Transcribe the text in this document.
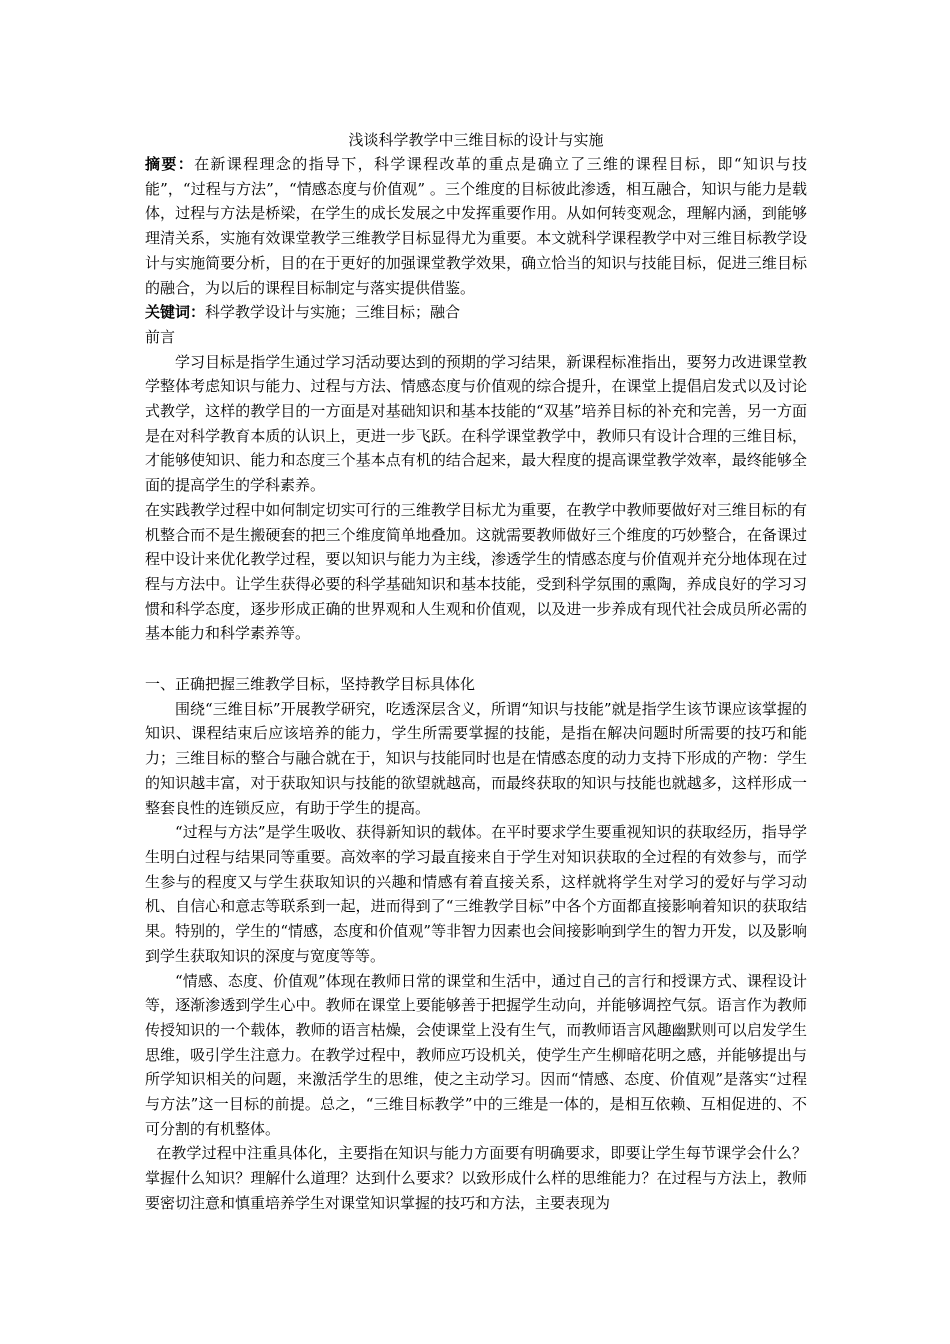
浅谈科学教学中三维目标的设计与实施

摘要：在新课程理念的指导下，科学课程改革的重点是确立了三维的课程目标，即“知识与技能”，“过程与方法”，“情感态度与价值观” 。三个维度的目标彼此渗透，相互融合，知识与能力是载体，过程与方法是桥梁，在学生的成长发展之中发挥重要作用。从如何转变观念，理解内涵，到能够理清关系，实施有效课堂教学三维教学目标显得尤为重要。本文就科学课程教学中对三维目标教学设计与实施简要分析，目的在于更好的加强课堂教学效果，确立恰当的知识与技能目标，促进三维目标的融合，为以后的课程目标制定与落实提供借鉴。

关键词：科学教学设计与实施；三维目标；融合

前言

学习目标是指学生通过学习活动要达到的预期的学习结果，新课程标准指出，要努力改进课堂教学整体考虑知识与能力、过程与方法、情感态度与价值观的综合提升，在课堂上提倡启发式以及讨论式教学，这样的教学目的一方面是对基础知识和基本技能的“双基”培养目标的补充和完善，另一方面是在对科学教育本质的认识上，更进一步飞跃。在科学课堂教学中，教师只有设计合理的三维目标，才能够使知识、能力和态度三个基本点有机的结合起来，最大程度的提高课堂教学效率，最终能够全面的提高学生的学科素养。

在实践教学过程中如何制定切实可行的三维教学目标尤为重要，在教学中教师要做好对三维目标的有机整合而不是生搬硬套的把三个维度简单地叠加。这就需要教师做好三个维度的巧妙整合，在备课过程中设计来优化教学过程，要以知识与能力为主线，渗透学生的情感态度与价值观并充分地体现在过程与方法中。让学生获得必要的科学基础知识和基本技能，受到科学氛围的熏陶，养成良好的学习习惯和科学态度，逐步形成正确的世界观和人生观和价值观，以及进一步养成有现代社会成员所必需的基本能力和科学素养等。

一、正确把握三维教学目标，坚持教学目标具体化

围绕“三维目标”开展教学研究，吃透深层含义，所谓“知识与技能”就是指学生该节课应该掌握的知识、课程结束后应该培养的能力，学生所需要掌握的技能，是指在解决问题时所需要的技巧和能力；三维目标的整合与融合就在于，知识与技能同时也是在情感态度的动力支持下形成的产物：学生的知识越丰富，对于获取知识与技能的欲望就越高，而最终获取的知识与技能也就越多，这样形成一整套良性的连锁反应，有助于学生的提高。

“过程与方法”是学生吸收、获得新知识的载体。在平时要求学生要重视知识的获取经历，指导学生明白过程与结果同等重要。高效率的学习最直接来自于学生对知识获取的全过程的有效参与，而学生参与的程度又与学生获取知识的兴趣和情感有着直接关系，这样就将学生对学习的爱好与学习动机、自信心和意志等联系到一起，进而得到了“三维教学目标”中各个方面都直接影响着知识的获取结果。特别的，学生的“情感，态度和价值观”等非智力因素也会间接影响到学生的智力开发，以及影响到学生获取知识的深度与宽度等等。

“情感、态度、价值观”体现在教师日常的课堂和生活中，通过自己的言行和授课方式、课程设计等，逐渐渗透到学生心中。教师在课堂上要能够善于把握学生动向，并能够调控气氛。语言作为教师传授知识的一个载体，教师的语言枯燥，会使课堂上没有生气，而教师语言风趣幽默则可以启发学生思维，吸引学生注意力。在教学过程中，教师应巧设机关，使学生产生柳暗花明之感，并能够提出与所学知识相关的问题，来激活学生的思维，使之主动学习。因而“情感、态度、价值观”是落实“过程与方法”这一目标的前提。总之，“三维目标教学”中的三维是一体的，是相互依赖、互相促进的、不可分割的有机整体。

在教学过程中注重具体化，主要指在知识与能力方面要有明确要求，即要让学生每节课学会什么？掌握什么知识？理解什么道理？达到什么要求？以致形成什么样的思维能力？在过程与方法上，教师要密切注意和慎重培养学生对课堂知识掌握的技巧和方法，主要表现为
